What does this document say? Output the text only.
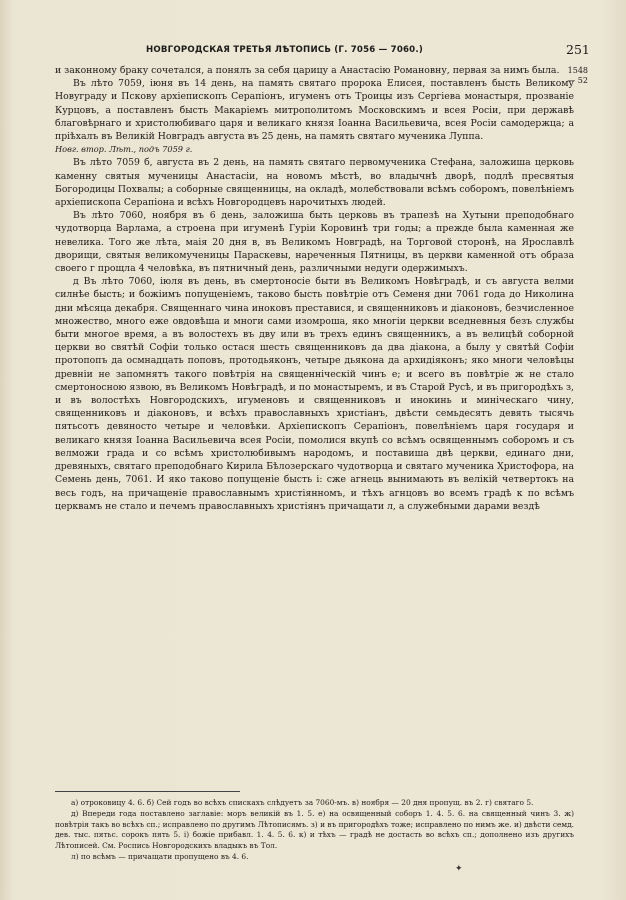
НОВГОРОДСКАЯ ТРЕТЬЯ ЛѢТОПИСЬ (Г. 7056 — 7060.)	251
1548 — 52

и законному браку сочетался, а понялъ за себя царицу а Анастасiю Романовну, первая за нимъ была.

Въ лѣто 7059, iюня въ 14 день, на память святаго пророка Елисея, поставленъ бысть Великому Новуграду и Пскову архiепископъ Серапiонъ, игуменъ отъ Троицы изъ Сергiева монастыря, прозванiе Курцовъ, а поставленъ бысть Макарiемъ митрополитомъ Московскимъ и всея Росiи, при державѣ благовѣрнаго и христолюбиваго царя и великаго князя Iоанна Васильевича, всея Росiи самодержца; а прiѣхалъ въ Великiй Новградъ августа въ 25 день, на память святаго мученика Луппа.

Новг. втор. Лѣт., подъ 7059 г.

Въ лѣто 7059 б, августа въ 2 день, на память святаго первомученика Стефана, заложиша церковь каменну святыя мученицы Анастасiи, на новомъ мѣстѣ, во владычнѣ дворѣ, подлѣ пресвятыя Богородицы Похвалы; а соборные священницы, на окладѣ, молебствовали всѣмъ соборомъ, повелѣнiемъ архiепископа Серапiона и всѣхъ Новгородцевъ нарочитыхъ людей.

Въ лѣто 7060, ноября въ 6 день, заложиша быть церковь въ трапезѣ на Хутыни преподобнаго чудотворца Варлама, а строена при игуменѣ Гурiи Коровинѣ три годы; а прежде была каменная же невелика. Того же лѣта, маiя 20 дня в, въ Великомъ Новградѣ, на Торговой сторонѣ, на Ярославлѣ дворищи, святыя великомученицы Параскевы, нареченныя Пятницы, въ церкви каменной отъ образа своего г прощла 4 человѣка, въ пятничный день, различными недуги одержимыхъ.

д Въ лѣто 7060, iюля въ день, въ смертоносiе быти въ Великомъ Новѣградѣ, и съ августа велми силнѣе бысть; и божiимъ попущенiемъ, таково бысть повѣтрiе отъ Семеня дни 7061 года до Николина дни мѣсяца декабря. Священнаго чина иноковъ преставися, и священниковъ и дiаконовъ, безчисленное множество, много еже овдовѣша и многи сами изомроша, яко многiи церкви вседневныя безъ службы быти многое время, а въ волостехъ въ дву или въ трехъ единъ священникъ, а въ велицѣй соборной церкви во святѣй Софiи только остася шесть священниковъ да два дiакона, а былу у святѣй Софiи протопопъ да осмнадцать поповъ, протодьяконъ, четыре дьякона да архидiяконъ; яко многи человѣцы древнiи не запомнятъ такого повѣтрiя на священнiческiй чинъ е; и всего въ повѣтрiе ж не стало смертоносною язвою, въ Великомъ Новѣградѣ, и по монастыремъ, и въ Старой Русѣ, и въ пригородѣхъ з, и въ волостѣхъ Новгородскихъ, игуменовъ и священниковъ и инокинь и минiческаго чину, священниковъ и дiаконовъ, и всѣхъ православныхъ христiанъ, двѣсти семьдесятъ девять тысячь пятьсотъ девяносто четыре и человѣки. Архiепископъ Серапiонъ, повелѣнiемъ царя государя и великаго князя Iоанна Васильевича всея Росiи, помолися вкупѣ со всѣмъ освященнымъ соборомъ и съ велможи града и со всѣмъ христолюбивымъ народомъ, и поставиша двѣ церкви, единаго дни, древяныхъ, святаго преподобнаго Кирила Бѣлозерскаго чудотворца и святаго мученика Христофора, на Семень день, 7061. И яко таково попущенiе бысть i: сже агнець вынимають въ велiкiй четвертокъ на весь годъ, на причащенiе православнымъ христiянномъ, и тѣхъ агнцовъ во всемъ градѣ к по всѣмъ церквамъ не стало и печемъ православныхъ христiянъ причащати л, а служебными дарами вездѣ

а) отроковицу 4. 6. б) Сей годъ во всѣхъ спискахъ слѣдуетъ за 7060-мъ. в) ноября — 20 дня пропущ. въ 2. г) святаго 5.
д) Впереди года поставлено заглавiе: моръ великiй въ 1. 5. е) на освященный соборъ 1. 4. 5. 6. на священный чинъ 3. ж) повѣтрiя такъ во всѣхъ сп.; исправлено по другимъ Лѣтописямъ. з) и въ пригородѣхъ тоже; исправлено по нимъ же. и) двѣсти семд. дев. тыс. пятьс. сорокъ пять 5. i) божiе прибавл. 1. 4. 5. 6. к) и тѣхъ — градѣ не достасть во всѣхъ сп.; дополнено изъ другихъ Лѣтописей. См. Роспись Новгородскихъ владыкъ въ Тол.
л) по всѣмъ — причащати пропущено въ 4. 6.
✦
